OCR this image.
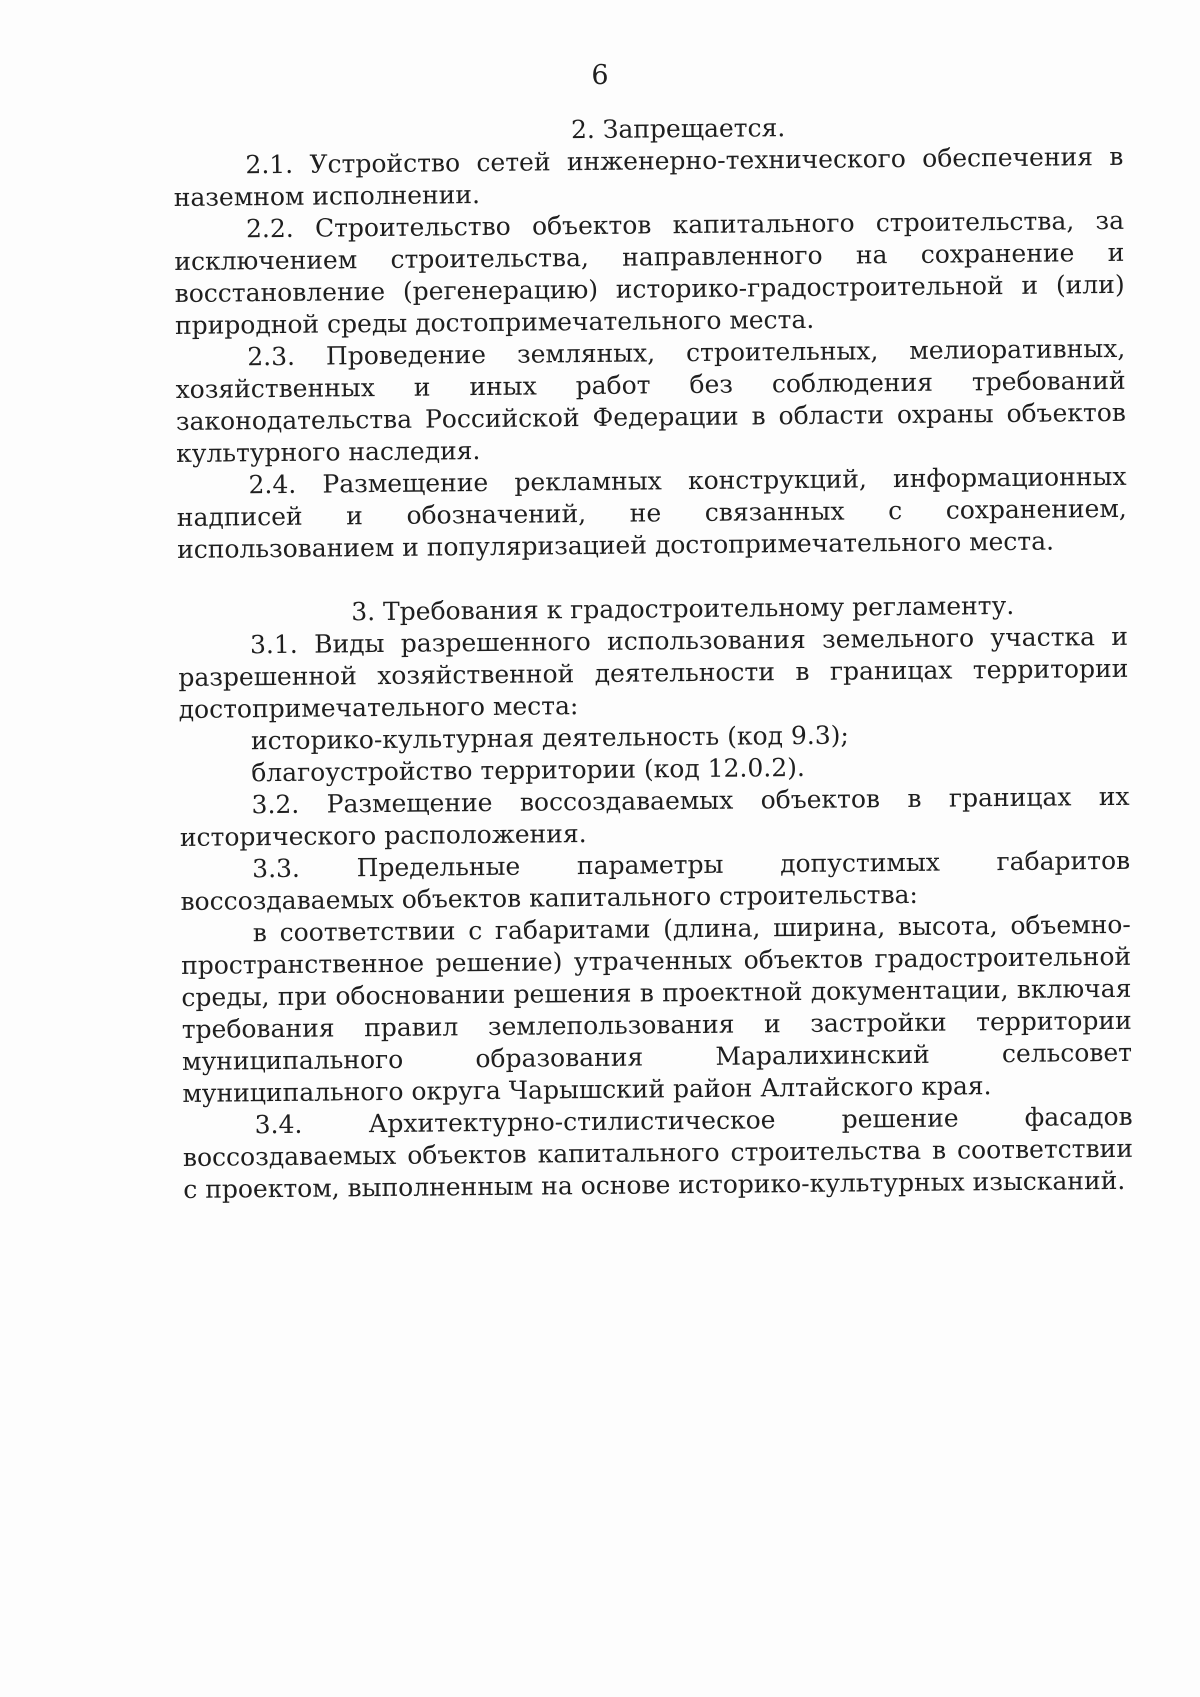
6
2. Запрещается.

2.1. Устройство сетей инженерно-технического обеспечения в наземном исполнении.

2.2. Строительство объектов капитального строительства, за исключением строительства, направленного на сохранение и восстановление (регенерацию) историко-градостроительной и (или) природной среды достопримечательного места.

2.3. Проведение земляных, строительных, мелиоративных, хозяйственных и иных работ без соблюдения требований законодательства Российской Федерации в области охраны объектов культурного наследия.

2.4. Размещение рекламных конструкций, информационных надписей и обозначений, не связанных с сохранением, использованием и популяризацией достопримечательного места.

3. Требования к градостроительному регламенту.

3.1. Виды разрешенного использования земельного участка и разрешенной хозяйственной деятельности в границах территории достопримечательного места:

историко-культурная деятельность (код 9.3);

благоустройство территории (код 12.0.2).

3.2. Размещение воссоздаваемых объектов в границах их исторического расположения.

3.3. Предельные параметры допустимых габаритов воссоздаваемых объектов капитального строительства:

в соответствии с габаритами (длина, ширина, высота, объемно-пространственное решение) утраченных объектов градостроительной среды, при обосновании решения в проектной документации, включая требования правил землепользования и застройки территории муниципального образования Маралихинский сельсовет муниципального округа Чарышский район Алтайского края.

3.4. Архитектурно-стилистическое решение фасадов воссоздаваемых объектов капитального строительства в соответствии с проектом, выполненным на основе историко-культурных изысканий.
